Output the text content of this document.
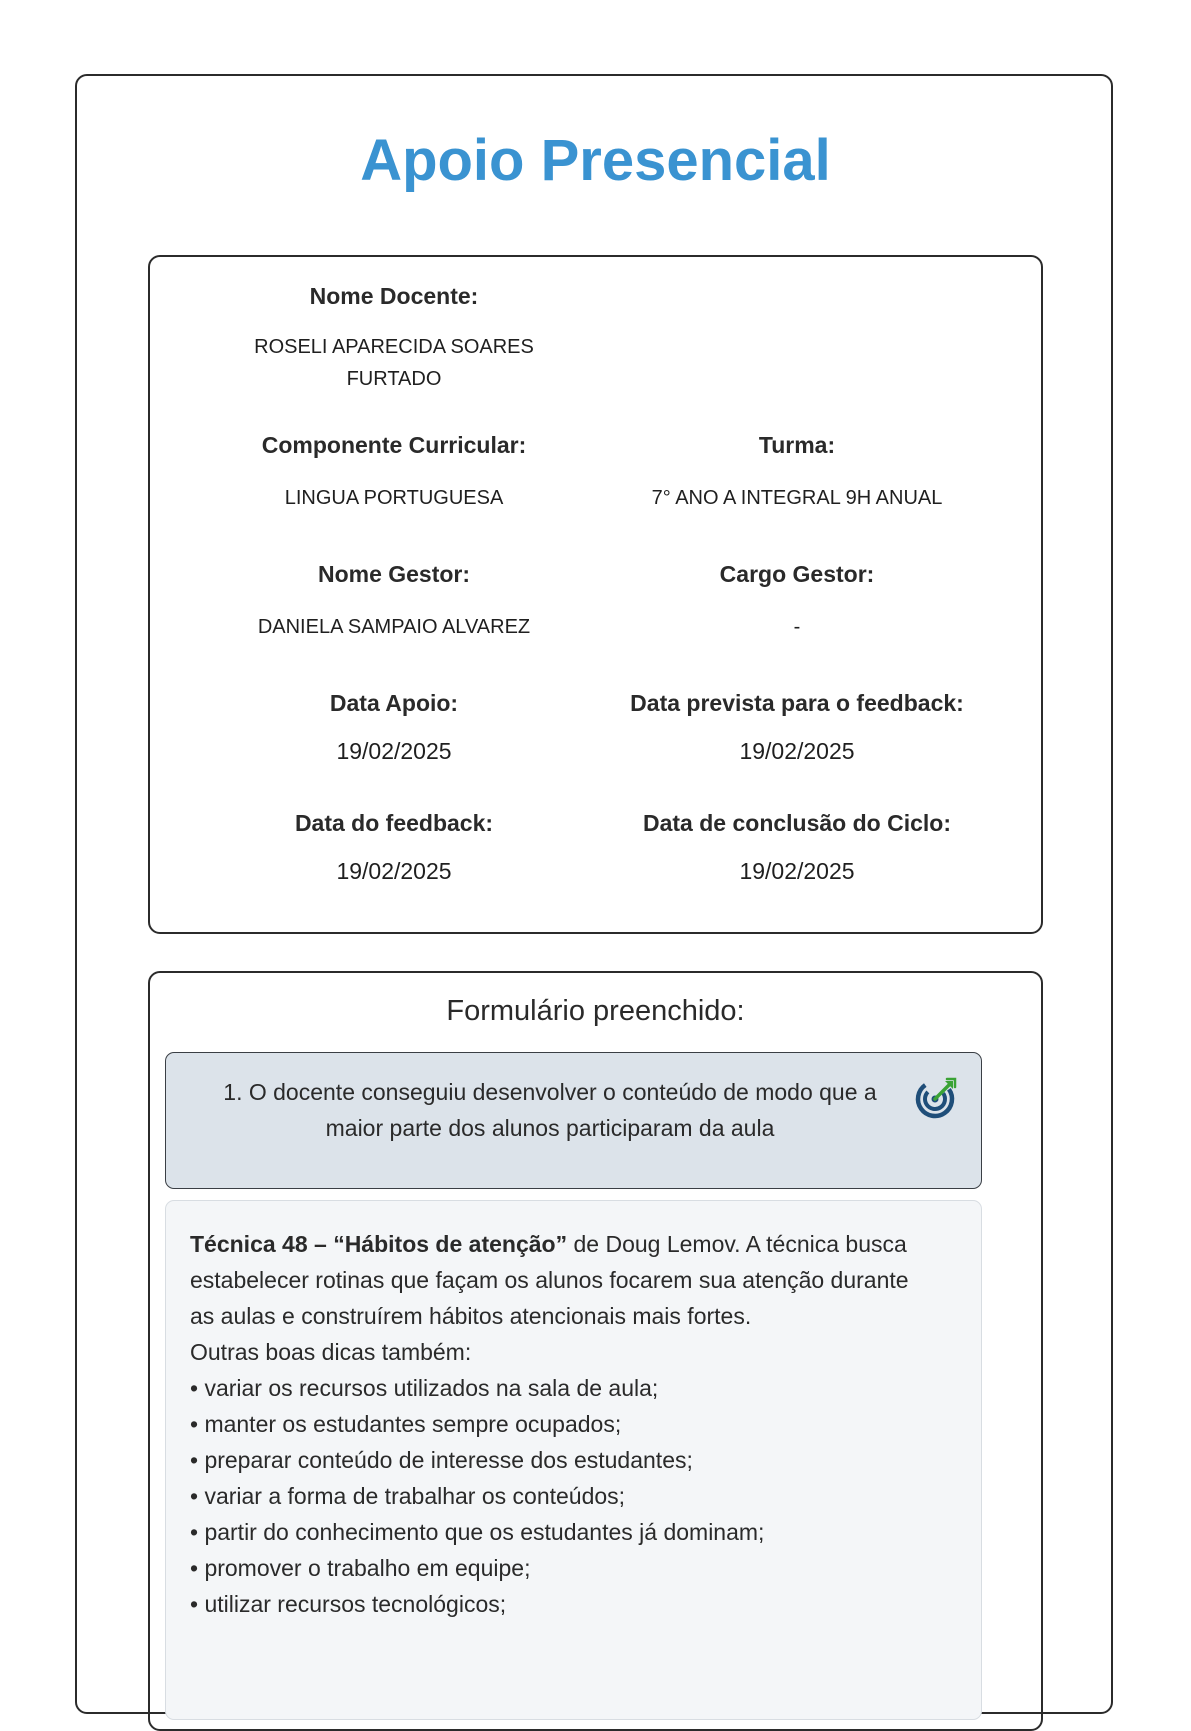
Apoio Presencial
Nome Docente:
ROSELI APARECIDA SOARES
FURTADO
Componente Curricular:
LINGUA PORTUGUESA
Turma:
7° ANO A INTEGRAL 9H ANUAL
Nome Gestor:
DANIELA SAMPAIO ALVAREZ
Cargo Gestor:
-
Data Apoio:
19/02/2025
Data prevista para o feedback:
19/02/2025
Data do feedback:
19/02/2025
Data de conclusão do Ciclo:
19/02/2025
Formulário preenchido:
1. O docente conseguiu desenvolver o conteúdo de modo que a
maior parte dos alunos participaram da aula
Técnica 48 – “Hábitos de atenção” de Doug Lemov. A técnica busca
estabelecer rotinas que façam os alunos focarem sua atenção durante
as aulas e construírem hábitos atencionais mais fortes.
Outras boas dicas também:
• variar os recursos utilizados na sala de aula;
• manter os estudantes sempre ocupados;
• preparar conteúdo de interesse dos estudantes;
• variar a forma de trabalhar os conteúdos;
• partir do conhecimento que os estudantes já dominam;
• promover o trabalho em equipe;
• utilizar recursos tecnológicos;
